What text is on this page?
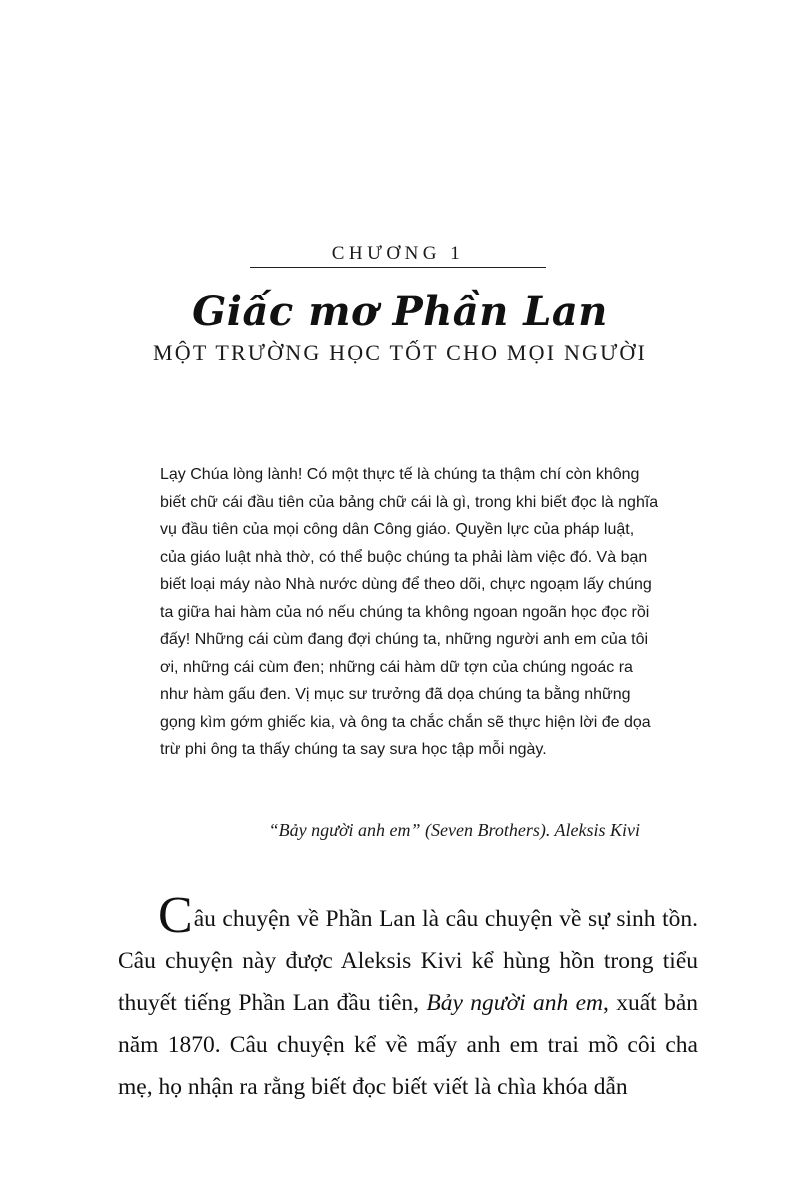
CHƯƠNG 1
Giấc mơ Phần Lan
MỘT TRƯỜNG HỌC TỐT CHO MỌI NGƯỜI

Lạy Chúa lòng lành! Có một thực tế là chúng ta thậm chí còn không biết chữ cái đầu tiên của bảng chữ cái là gì, trong khi biết đọc là nghĩa vụ đầu tiên của mọi công dân Công giáo. Quyền lực của pháp luật, của giáo luật nhà thờ, có thể buộc chúng ta phải làm việc đó. Và bạn biết loại máy nào Nhà nước dùng để theo dõi, chực ngoạm lấy chúng ta giữa hai hàm của nó nếu chúng ta không ngoan ngoãn học đọc rồi đấy! Những cái cùm đang đợi chúng ta, những người anh em của tôi ơi, những cái cùm đen; những cái hàm dữ tợn của chúng ngoác ra như hàm gấu đen. Vị mục sư trưởng đã dọa chúng ta bằng những gọng kìm gớm ghiếc kia, và ông ta chắc chắn sẽ thực hiện lời đe dọa trừ phi ông ta thấy chúng ta say sưa học tập mỗi ngày.

“Bảy người anh em” (Seven Brothers). Aleksis Kivi

Câu chuyện về Phần Lan là câu chuyện về sự sinh tồn. Câu chuyện này được Aleksis Kivi kể hùng hồn trong tiểu thuyết tiếng Phần Lan đầu tiên, Bảy người anh em, xuất bản năm 1870. Câu chuyện kể về mấy anh em trai mồ côi cha mẹ, họ nhận ra rằng biết đọc biết viết là chìa khóa dẫn
